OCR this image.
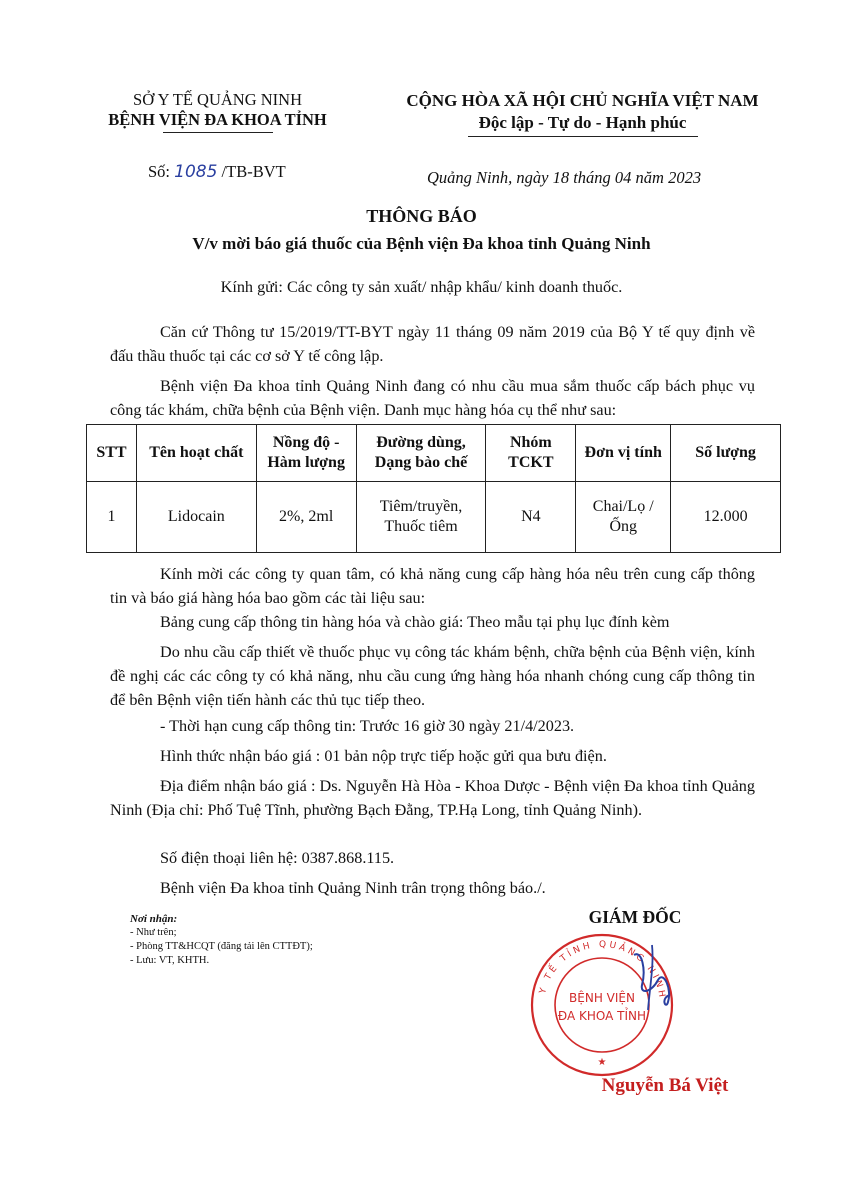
SỞ Y TẾ QUẢNG NINH
BỆNH VIỆN ĐA KHOA TỈNH
CỘNG HÒA XÃ HỘI CHỦ NGHĨA VIỆT NAM
Độc lập - Tự do - Hạnh phúc
Số: 1085 /TB-BVT	Quảng Ninh, ngày 18 tháng 04 năm 2023
THÔNG BÁO
V/v mời báo giá thuốc của Bệnh viện Đa khoa tỉnh Quảng Ninh
Kính gửi: Các công ty sản xuất/ nhập khẩu/ kinh doanh thuốc.
Căn cứ Thông tư 15/2019/TT-BYT ngày 11 tháng 09 năm 2019 của Bộ Y tế quy định về đấu thầu thuốc tại các cơ sở Y tế công lập.
Bệnh viện Đa khoa tỉnh Quảng Ninh đang có nhu cầu mua sắm thuốc cấp bách phục vụ công tác khám, chữa bệnh của Bệnh viện. Danh mục hàng hóa cụ thể như sau:
STT	Tên hoạt chất	Nồng độ - Hàm lượng	Đường dùng, Dạng bào chế	Nhóm TCKT	Đơn vị tính	Số lượng
1	Lidocain	2%, 2ml	Tiêm/truyền, Thuốc tiêm	N4	Chai/Lọ /Ống	12.000
Kính mời các công ty quan tâm, có khả năng cung cấp hàng hóa nêu trên cung cấp thông tin và báo giá hàng hóa bao gồm các tài liệu sau:
Bảng cung cấp thông tin hàng hóa và chào giá: Theo mẫu tại phụ lục đính kèm
Do nhu cầu cấp thiết về thuốc phục vụ công tác khám bệnh, chữa bệnh của Bệnh viện, kính đề nghị các các công ty có khả năng, nhu cầu cung ứng hàng hóa nhanh chóng cung cấp thông tin để bên Bệnh viện tiến hành các thủ tục tiếp theo.
- Thời hạn cung cấp thông tin: Trước 16 giờ 30 ngày 21/4/2023.
Hình thức nhận báo giá : 01 bản nộp trực tiếp hoặc gửi qua bưu điện.
Địa điểm nhận báo giá : Ds. Nguyễn Hà Hòa - Khoa Dược - Bệnh viện Đa khoa tỉnh Quảng Ninh (Địa chỉ: Phố Tuệ Tĩnh, phường Bạch Đằng, TP.Hạ Long, tỉnh Quảng Ninh).
Số điện thoại liên hệ: 0387.868.115.
Bệnh viện Đa khoa tỉnh Quảng Ninh trân trọng thông báo./.
Nơi nhận:
- Như trên;
- Phòng TT&HCQT (đăng tải lên CTTĐT);
- Lưu: VT, KHTH.
GIÁM ĐỐC
Y TẾ TỈNH QUẢNG NINH
BỆNH VIỆN
ĐA KHOA TỈNH
★
Nguyễn Bá Việt
